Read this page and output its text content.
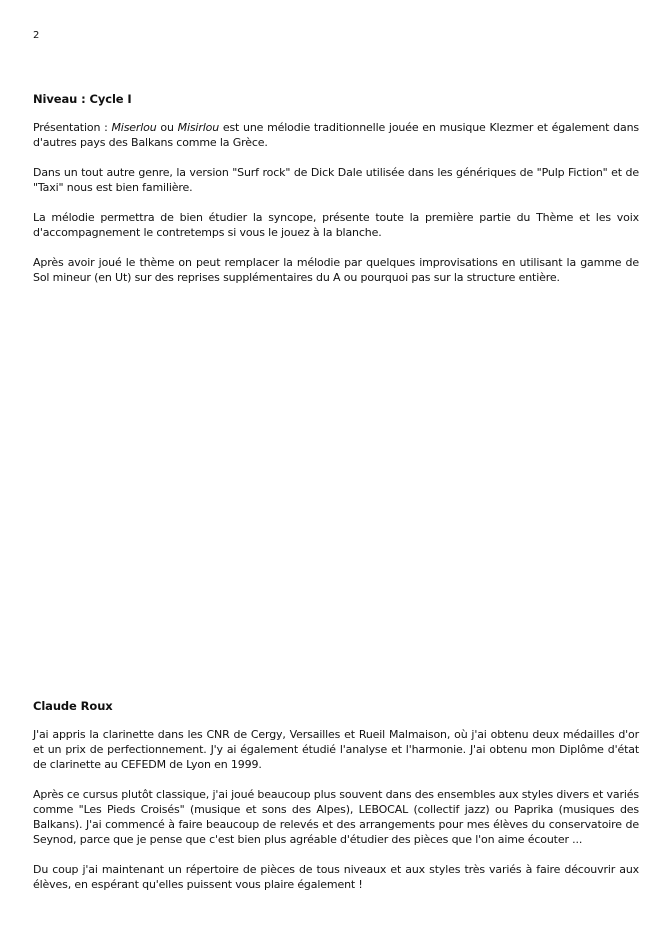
2
Niveau : Cycle I

Présentation : Miserlou ou Misirlou est une mélodie traditionnelle jouée en musique Klezmer et également dans d'autres pays des Balkans comme la Grèce.

Dans un tout autre genre, la version "Surf rock" de Dick Dale utilisée dans les génériques de "Pulp Fiction" et de "Taxi" nous est bien familière.

La mélodie permettra de bien étudier la syncope, présente toute la première partie du Thème et les voix d'accompagnement le contretemps si vous le jouez à la blanche.

Après avoir joué le thème on peut remplacer la mélodie par quelques improvisations en utilisant la gamme de Sol mineur (en Ut) sur des reprises supplémentaires du A ou pourquoi pas sur la structure entière.

Claude Roux

J'ai appris la clarinette dans les CNR de Cergy, Versailles et Rueil Malmaison, où j'ai obtenu deux médailles d'or et un prix de perfectionnement. J'y ai également étudié l'analyse et l'harmonie. J'ai obtenu mon Diplôme d'état de clarinette au CEFEDM de Lyon en 1999.

Après ce cursus plutôt classique, j'ai joué beaucoup plus souvent dans des ensembles aux styles divers et variés comme "Les Pieds Croisés" (musique et sons des Alpes), LEBOCAL (collectif jazz) ou Paprika (musiques des Balkans). J'ai commencé à faire beaucoup de relevés et des arrangements pour mes élèves du conservatoire de Seynod, parce que je pense que c'est bien plus agréable d'étudier des pièces que l'on aime écouter ...

Du coup j'ai maintenant un répertoire de pièces de tous niveaux et aux styles très variés à faire découvrir aux élèves, en espérant qu'elles puissent vous plaire également !
